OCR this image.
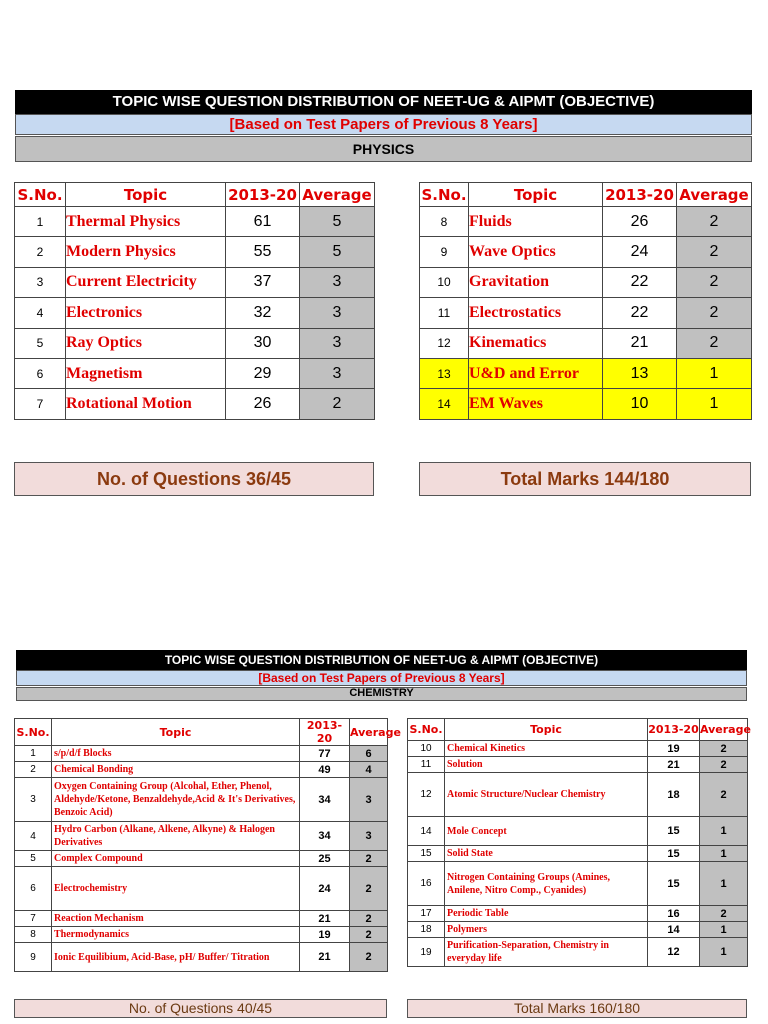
TOPIC WISE QUESTION DISTRIBUTION OF NEET-UG & AIPMT (OBJECTIVE)
[Based on Test Papers of Previous 8 Years]
PHYSICS
S.No.	Topic	2013-20	Average
1	Thermal Physics	61	5
2	Modern Physics	55	5
3	Current Electricity	37	3
4	Electronics	32	3
5	Ray Optics	30	3
6	Magnetism	29	3
7	Rotational Motion	26	2
S.No.	Topic	2013-20	Average
8	Fluids	26	2
9	Wave Optics	24	2
10	Gravitation	22	2
11	Electrostatics	22	2
12	Kinematics	21	2
13	U&D and Error	13	1
14	EM Waves	10	1
No. of Questions 36/45	Total Marks 144/180
TOPIC WISE QUESTION DISTRIBUTION OF NEET-UG & AIPMT (OBJECTIVE)
[Based on Test Papers of Previous 8 Years]
CHEMISTRY
S.No.	Topic	2013-20	Average
1	s/p/d/f Blocks	77	6
2	Chemical Bonding	49	4
3	Oxygen Containing Group (Alcohal, Ether, Phenol, Aldehyde/Ketone, Benzaldehyde,Acid & It's Derivatives, Benzoic Acid)	34	3
4	Hydro Carbon (Alkane, Alkene, Alkyne) & Halogen Derivatives	34	3
5	Complex Compound	25	2
6	Electrochemistry	24	2
7	Reaction Mechanism	21	2
8	Thermodynamics	19	2
9	Ionic Equilibium, Acid-Base, pH/ Buffer/ Titration	21	2
S.No.	Topic	2013-20	Average
10	Chemical Kinetics	19	2
11	Solution	21	2
12	Atomic Structure/Nuclear Chemistry	18	2
14	Mole Concept	15	1
15	Solid State	15	1
16	Nitrogen Containing Groups (Amines, Anilene, Nitro Comp., Cyanides)	15	1
17	Periodic Table	16	2
18	Polymers	14	1
19	Purification-Separation, Chemistry in everyday life	12	1
No. of Questions 40/45	Total Marks 160/180
